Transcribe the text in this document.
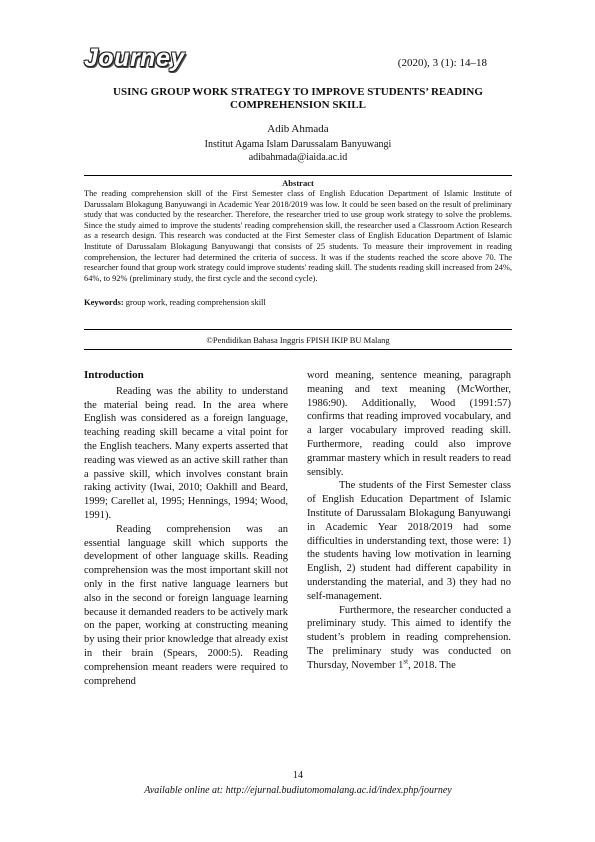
Journey	(2020), 3 (1): 14–18
USING GROUP WORK STRATEGY TO IMPROVE STUDENTS’ READING
COMPREHENSION SKILL
Adib Ahmada
Institut Agama Islam Darussalam Banyuwangi
adibahmada@iaida.ac.id
Abstract
The reading comprehension skill of the First Semester class of English Education Department of Islamic Institute of Darussalam Blokagung Banyuwangi in Academic Year 2018/2019 was low. It could be seen based on the result of preliminary study that was conducted by the researcher. Therefore, the researcher tried to use group work strategy to solve the problems. Since the study aimed to improve the students' reading comprehension skill, the researcher used a Classroom Action Research as a research design. This research was conducted at the First Semester class of English Education Department of Islamic Institute of Darussalam Blokagung Banyuwangi that consists of 25 students. To measure their improvement in reading comprehension, the lecturer had determined the criteria of success. It was if the students reached the score above 70. The researcher found that group work strategy could improve students' reading skill. The students reading skill increased from 24%, 64%, to 92% (preliminary study, the first cycle and the second cycle).
Keywords: group work, reading comprehension skill
©Pendidikan Bahasa Inggris FPISH IKIP BU Malang
Introduction

Reading was the ability to understand the material being read. In the area where English was considered as a foreign language, teaching reading skill became a vital point for the English teachers. Many experts asserted that reading was viewed as an active skill rather than a passive skill, which involves constant brain raking activity (Iwai, 2010; Oakhill and Beard, 1999; Carellet al, 1995; Hennings, 1994; Wood, 1991).

Reading comprehension was an essential language skill which supports the development of other language skills. Reading comprehension was the most important skill not only in the first native language learners but also in the second or foreign language learning because it demanded readers to be actively mark on the paper, working at constructing meaning by using their prior knowledge that already exist in their brain (Spears, 2000:5). Reading comprehension meant readers were required to comprehend

word meaning, sentence meaning, paragraph meaning and text meaning (McWorther, 1986:90). Additionally, Wood (1991:57) confirms that reading improved vocabulary, and a larger vocabulary improved reading skill. Furthermore, reading could also improve grammar mastery which in result readers to read sensibly.

The students of the First Semester class of English Education Department of Islamic Institute of Darussalam Blokagung Banyuwangi in Academic Year 2018/2019 had some difficulties in understanding text, those were: 1) the students having low motivation in learning English, 2) student had different capability in understanding the material, and 3) they had no self-management.

Furthermore, the researcher conducted a preliminary study. This aimed to identify the student’s problem in reading comprehension. The preliminary study was conducted on Thursday, November 1st, 2018. The

14
Available online at: http://ejurnal.budiutomomalang.ac.id/index.php/journey
